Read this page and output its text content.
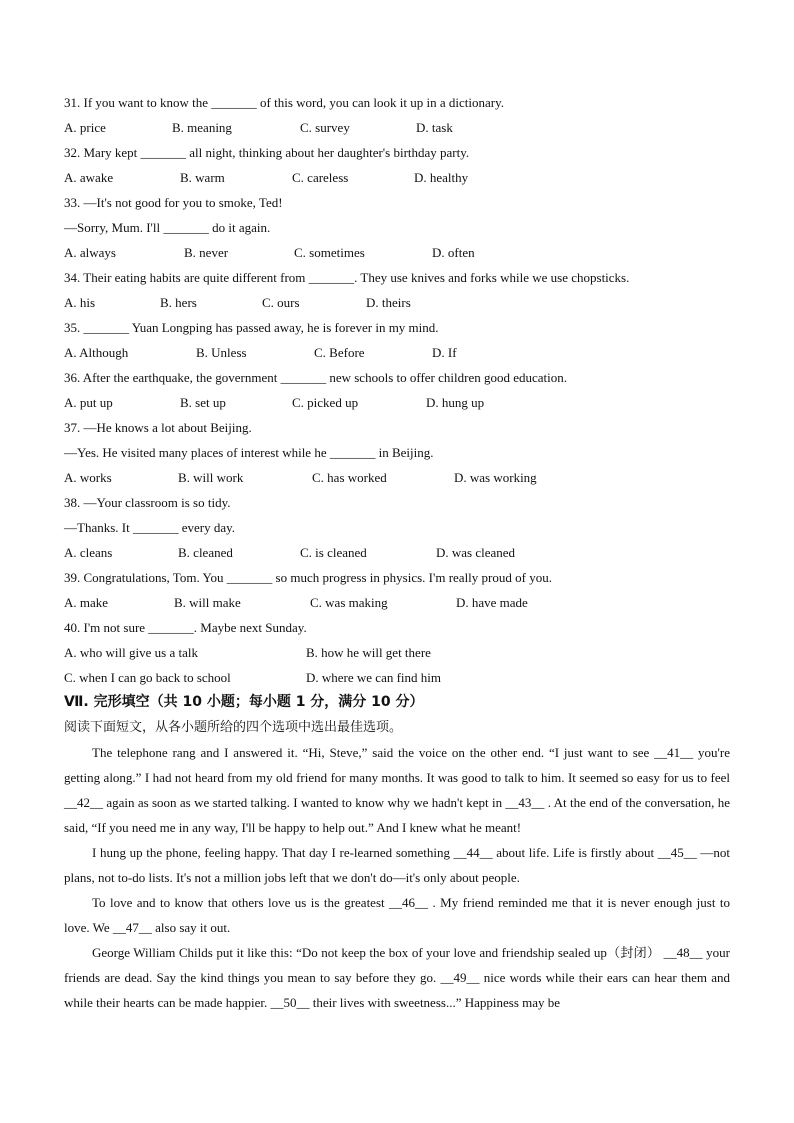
31. If you want to know the _______ of this word, you can look it up in a dictionary.
A. price	B. meaning	C. survey	D. task
32. Mary kept _______ all night, thinking about her daughter's birthday party.
A. awake	B. warm	C. careless	D. healthy
33. —It's not good for you to smoke, Ted!
—Sorry, Mum. I'll _______ do it again.
A. always	B. never	C. sometimes	D. often
34. Their eating habits are quite different from _______. They use knives and forks while we use chopsticks.
A. his	B. hers	C. ours	D. theirs
35. _______ Yuan Longping has passed away, he is forever in my mind.
A. Although	B. Unless	C. Before	D. If
36. After the earthquake, the government _______ new schools to offer children good education.
A. put up	B. set up	C. picked up	D. hung up
37. —He knows a lot about Beijing.
—Yes. He visited many places of interest while he _______ in Beijing.
A. works	B. will work	C. has worked	D. was working
38. —Your classroom is so tidy.
—Thanks. It _______ every day.
A. cleans	B. cleaned	C. is cleaned	D. was cleaned
39. Congratulations, Tom. You _______ so much progress in physics. I'm really proud of you.
A. make	B. will make	C. was making	D. have made
40. I'm not sure _______. Maybe next Sunday.
A. who will give us a talk	B. how he will get there
C. when I can go back to school	D. where we can find him
Ⅶ. 完形填空（共 10 小题；每小题 1 分，满分 10 分）
阅读下面短文，从各小题所给的四个选项中选出最佳选项。
The telephone rang and I answered it. “Hi, Steve,” said the voice on the other end. “I just want to see __41__ you're getting along.” I had not heard from my old friend for many months. It was good to talk to him. It seemed so easy for us to feel __42__ again as soon as we started talking. I wanted to know why we hadn't kept in __43__ . At the end of the conversation, he said, “If you need me in any way, I'll be happy to help out.” And I knew what he meant!
I hung up the phone, feeling happy. That day I re-learned something __44__ about life. Life is firstly about __45__ —not plans, not to-do lists. It's not a million jobs left that we don't do—it's only about people.
To love and to know that others love us is the greatest __46__ . My friend reminded me that it is never enough just to love. We __47__ also say it out.
George William Childs put it like this: “Do not keep the box of your love and friendship sealed up（封闭） __48__ your friends are dead. Say the kind things you mean to say before they go. __49__ nice words while their ears can hear them and while their hearts can be made happier. __50__ their lives with sweetness...” Happiness may be
